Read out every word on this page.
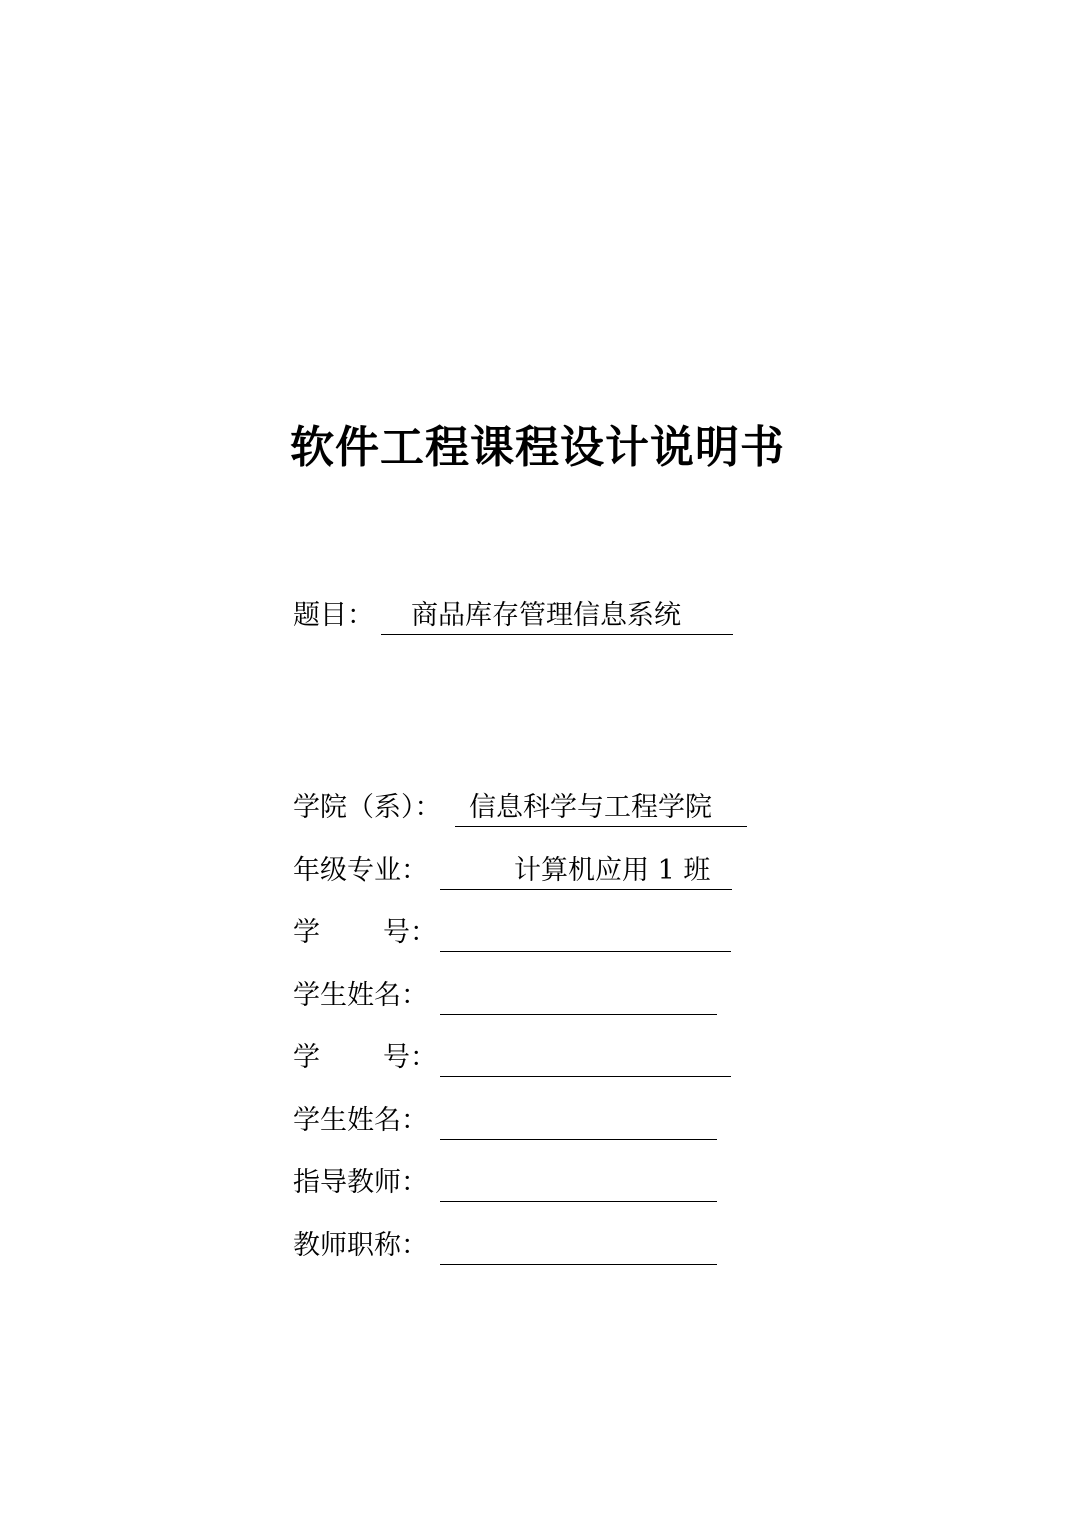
软件工程课程设计说明书
题目：	商品库存管理信息系统
学院（系）： 信息科学与工程学院
年级专业：	计算机应用 1 班
学 号：
学生姓名：
学 号：
学生姓名：
指导教师：
教师职称：
